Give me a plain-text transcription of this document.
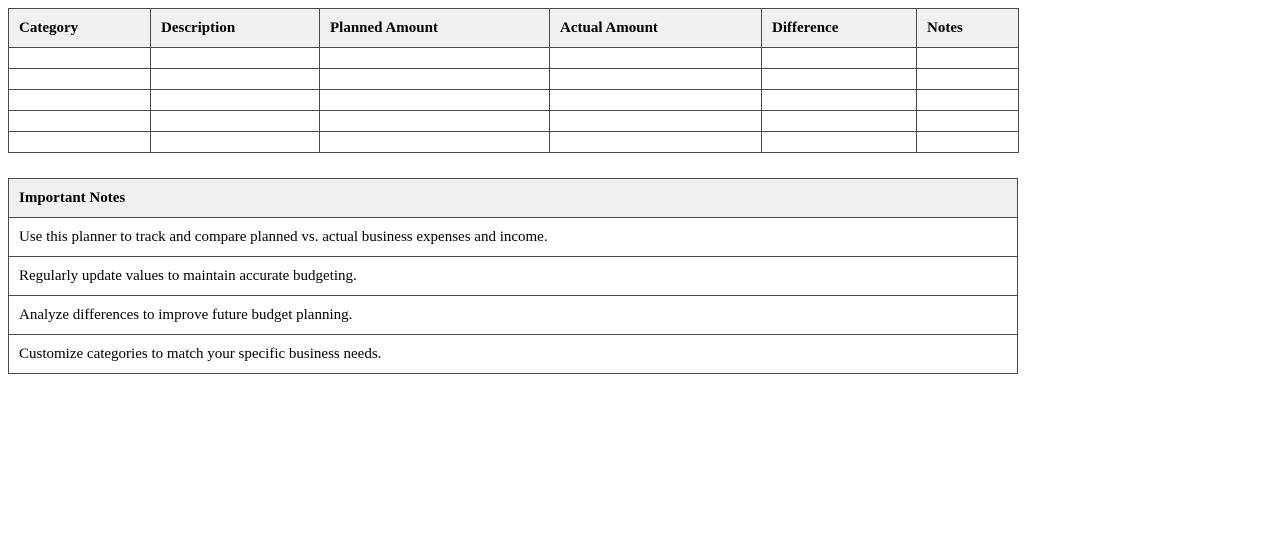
Category	Description	Planned Amount	Actual Amount	Difference	Notes

Important Notes
Use this planner to track and compare planned vs. actual business expenses and income.
Regularly update values to maintain accurate budgeting.
Analyze differences to improve future budget planning.
Customize categories to match your specific business needs.
